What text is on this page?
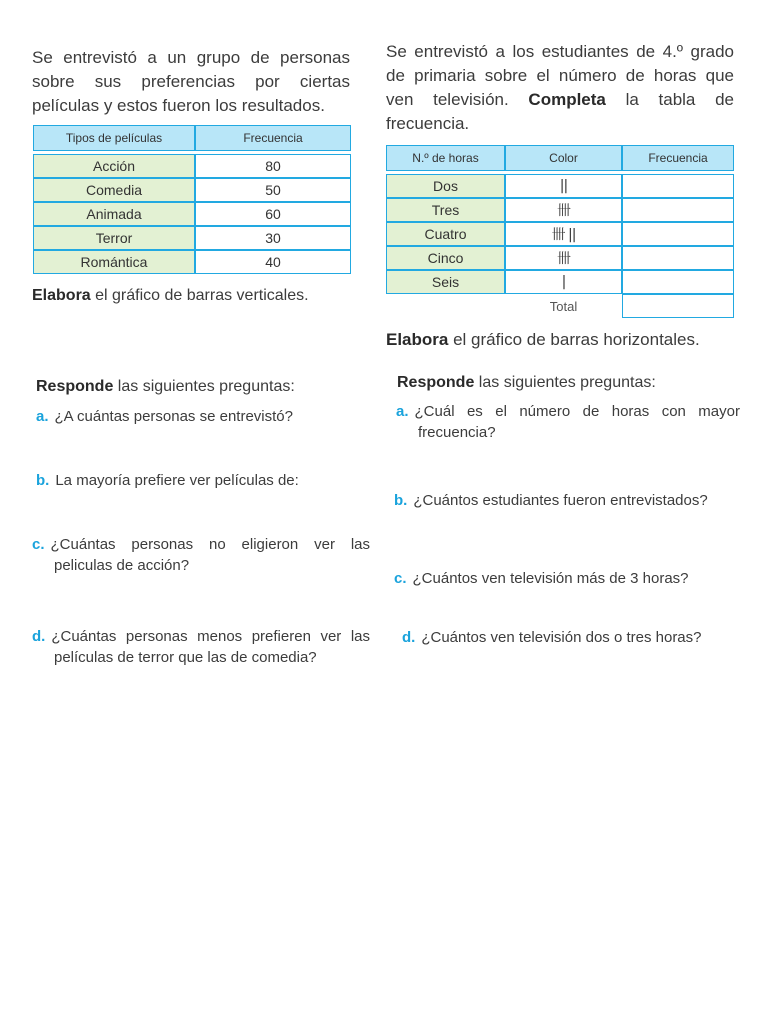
Se entrevistó a un grupo de personas sobre sus preferencias por ciertas películas y estos fueron los resultados.
Tipos de películas	Frecuencia

Acción	80
Comedia	50
Animada	60
Terror	30
Romántica	40
Elabora el gráfico de barras verticales.
Responde las siguientes preguntas:
a. ¿A cuántas personas se entrevistó?
b. La mayoría prefiere ver películas de:
c. ¿Cuántas personas no eligieron ver las peliculas de acción?
d. ¿Cuántas personas menos prefieren ver las películas de terror que las de comedia?
Se entrevistó a los estudiantes de 4.º grado de primaria sobre el número de horas que ven televisión. Completa la tabla de frecuencia.
N.º de horas	Color	Frecuencia

Dos	||	
Tres	卌	
Cuatro	卌 ||	
Cinco	卌	
Seis	|	
	Total	
Elabora el gráfico de barras horizontales.
Responde las siguientes preguntas:
a. ¿Cuál es el número de horas con mayor frecuencia?
b. ¿Cuántos estudiantes fueron entrevistados?
c. ¿Cuántos ven televisión más de 3 horas?
d. ¿Cuántos ven televisión dos o tres horas?
